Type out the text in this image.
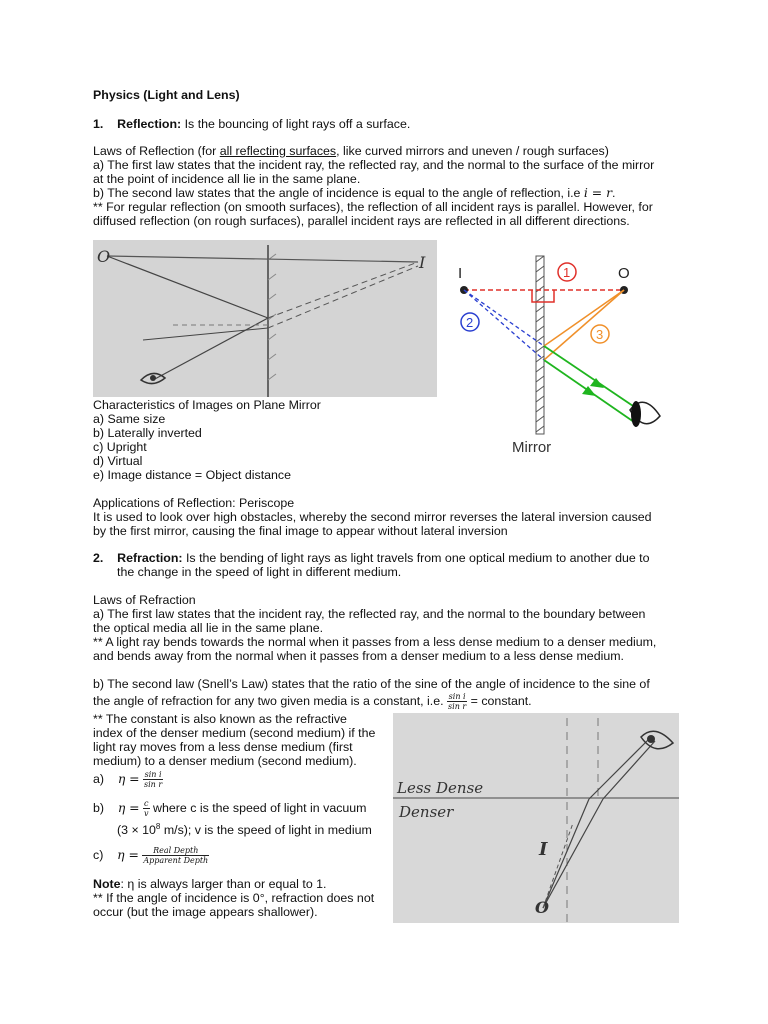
Physics (Light and Lens)
1. Reflection: Is the bouncing of light rays off a surface.
Laws of Reflection (for all reflecting surfaces, like curved mirrors and uneven / rough surfaces)
a) The first law states that the incident ray, the reflected ray, and the normal to the surface of the mirror
at the point of incidence all lie in the same plane.
b) The second law states that the angle of incidence is equal to the angle of reflection, i.e i = r.
** For regular reflection (on smooth surfaces), the reflection of all incident rays is parallel. However, for
diffused reflection (on rough surfaces), parallel incident rays are reflected in all different directions.
O	I
1
2
3
I	O
Mirror
Characteristics of Images on Plane Mirror
a) Same size
b) Laterally inverted
c) Upright
d) Virtual
e) Image distance = Object distance
Applications of Reflection: Periscope
It is used to look over high obstacles, whereby the second mirror reverses the lateral inversion caused
by the first mirror, causing the final image to appear without lateral inversion
2. Refraction: Is the bending of light rays as light travels from one optical medium to another due to
the change in the speed of light in different medium.
Laws of Refraction
a) The first law states that the incident ray, the reflected ray, and the normal to the boundary between
the optical media all lie in the same plane.
** A light ray bends towards the normal when it passes from a less dense medium to a denser medium,
and bends away from the normal when it passes from a denser medium to a less dense medium.
b) The second law (Snell’s Law) states that the ratio of the sine of the angle of incidence to the sine of
the angle of refraction for any two given media is a constant, i.e. $\frac{\text{sin i}}{\text{sin r}}$ = constant.
** The constant is also known as the refractive
index of the denser medium (second medium) if the
light ray moves from a less dense medium (first
medium) to a denser medium (second medium).
a) $\eta = \frac{\text{sin i}}{\text{sin r}}$
b) $\eta = \frac{c}{v}$ where c is the speed of light in vacuum
($3 \times 10^8$ m/s); v is the speed of light in medium
c) $\eta = \frac{\text{Real Depth}}{\text{Apparent Depth}}$
Note: η is always larger than or equal to 1.
** If the angle of incidence is 0°, refraction does not
occur (but the image appears shallower).
Less Dense
Denser
I
O
